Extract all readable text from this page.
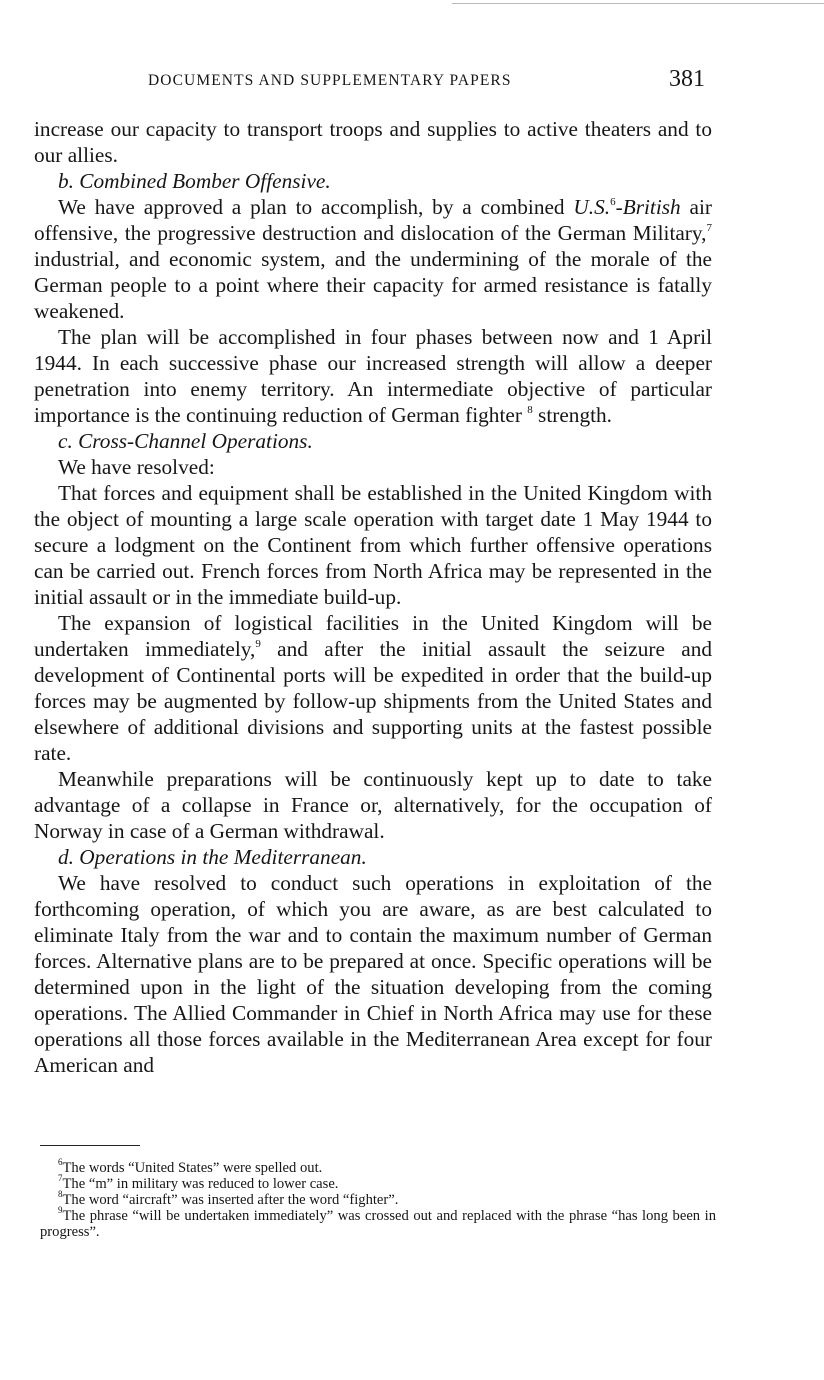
DOCUMENTS AND SUPPLEMENTARY PAPERS	381

increase our capacity to transport troops and supplies to active theaters and to our allies.

b. Combined Bomber Offensive.

We have approved a plan to accomplish, by a combined U.S.$^6$-British air offensive, the progressive destruction and dislocation of the German Military,$^7$ industrial, and economic system, and the undermining of the morale of the German people to a point where their capacity for armed resistance is fatally weakened.

The plan will be accomplished in four phases between now and 1 April 1944. In each successive phase our increased strength will allow a deeper penetration into enemy territory. An intermediate objective of particular importance is the continuing reduction of German fighter $^8$ strength.

c. Cross-Channel Operations.

We have resolved:

That forces and equipment shall be established in the United Kingdom with the object of mounting a large scale operation with target date 1 May 1944 to secure a lodgment on the Continent from which further offensive operations can be carried out. French forces from North Africa may be represented in the initial assault or in the immediate build-up.

The expansion of logistical facilities in the United Kingdom will be undertaken immediately,$^9$ and after the initial assault the seizure and development of Continental ports will be expedited in order that the build-up forces may be augmented by follow-up shipments from the United States and elsewhere of additional divisions and supporting units at the fastest possible rate.

Meanwhile preparations will be continuously kept up to date to take advantage of a collapse in France or, alternatively, for the occupation of Norway in case of a German withdrawal.

d. Operations in the Mediterranean.

We have resolved to conduct such operations in exploitation of the forthcoming operation, of which you are aware, as are best calculated to eliminate Italy from the war and to contain the maximum number of German forces. Alternative plans are to be prepared at once. Specific operations will be determined upon in the light of the situation developing from the coming operations. The Allied Commander in Chief in North Africa may use for these operations all those forces available in the Mediterranean Area except for four American and

$^6$The words “United States” were spelled out.

$^7$The “m” in military was reduced to lower case.

$^8$The word “aircraft” was inserted after the word “fighter”.

$^9$The phrase “will be undertaken immediately” was crossed out and replaced with the phrase “has long been in progress”.
